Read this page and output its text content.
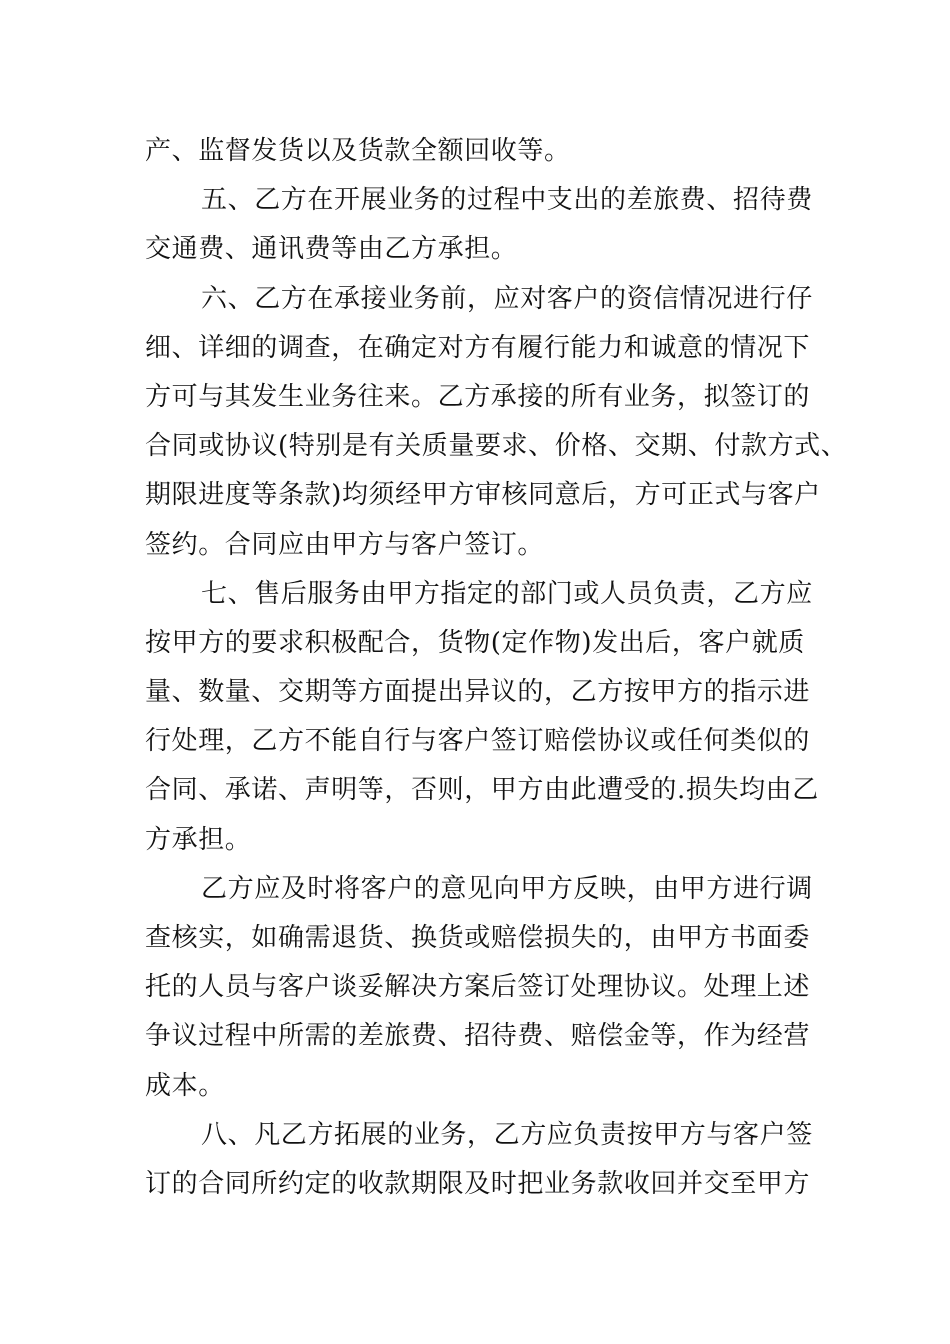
产、监督发货以及货款全额回收等。
五、乙方在开展业务的过程中支出的差旅费、招待费
交通费、通讯费等由乙方承担。
六、乙方在承接业务前，应对客户的资信情况进行仔
细、详细的调查，在确定对方有履行能力和诚意的情况下
方可与其发生业务往来。乙方承接的所有业务，拟签订的
合同或协议(特别是有关质量要求、价格、交期、付款方式、
期限进度等条款)均须经甲方审核同意后，方可正式与客户
签约。合同应由甲方与客户签订。
七、售后服务由甲方指定的部门或人员负责，乙方应
按甲方的要求积极配合，货物(定作物)发出后，客户就质
量、数量、交期等方面提出异议的，乙方按甲方的指示进
行处理，乙方不能自行与客户签订赔偿协议或任何类似的
合同、承诺、声明等，否则，甲方由此遭受的.损失均由乙
方承担。
乙方应及时将客户的意见向甲方反映，由甲方进行调
查核实，如确需退货、换货或赔偿损失的，由甲方书面委
托的人员与客户谈妥解决方案后签订处理协议。处理上述
争议过程中所需的差旅费、招待费、赔偿金等，作为经营
成本。
八、凡乙方拓展的业务，乙方应负责按甲方与客户签
订的合同所约定的收款期限及时把业务款收回并交至甲方
